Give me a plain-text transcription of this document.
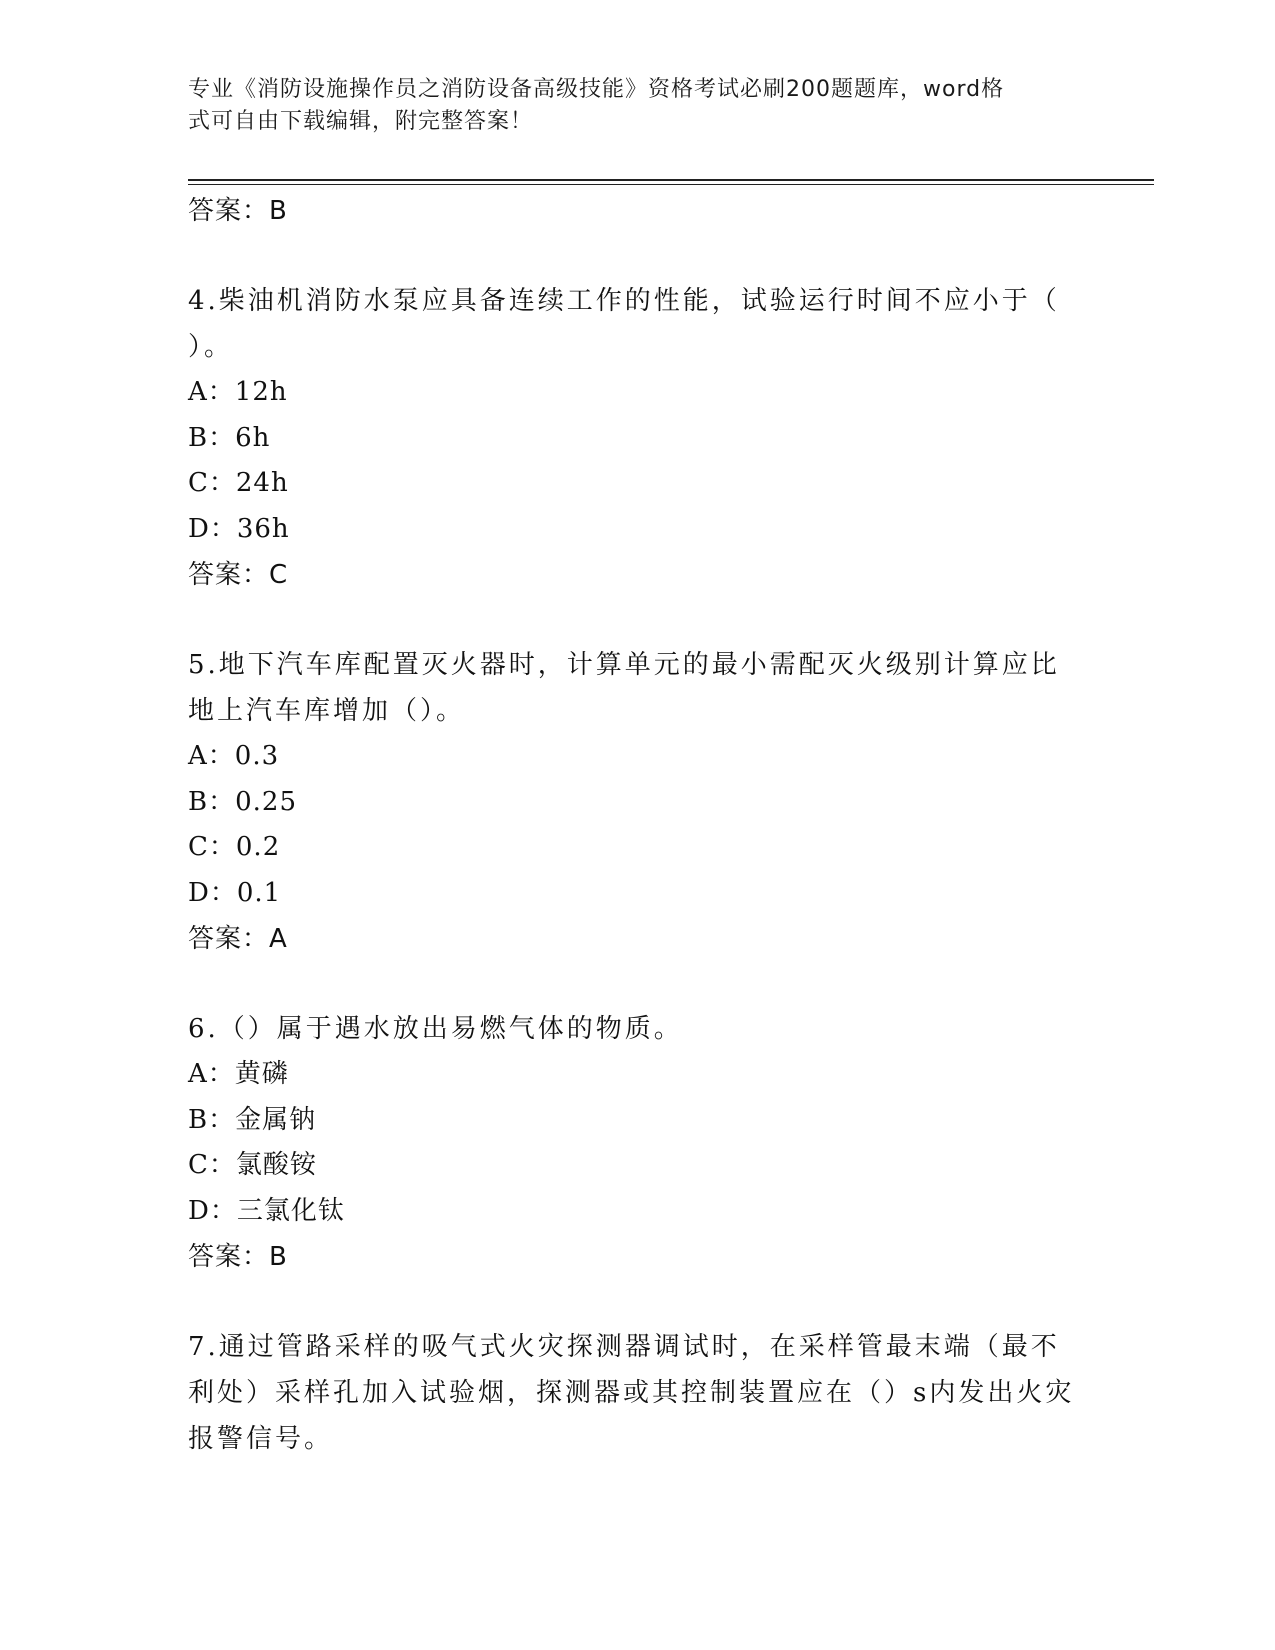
专业《消防设施操作员之消防设备高级技能》资格考试必刷200题题库，word格
式可自由下载编辑，附完整答案！
答案：B
4.柴油机消防水泵应具备连续工作的性能，试验运行时间不应小于（
）。
A：12h
B：6h
C：24h
D：36h
答案：C
5.地下汽车库配置灭火器时，计算单元的最小需配灭火级别计算应比
地上汽车库增加（）。
A：0.3
B：0.25
C：0.2
D：0.1
答案：A
6.（）属于遇水放出易燃气体的物质。
A：黄磷
B：金属钠
C：氯酸铵
D：三氯化钛
答案：B
7.通过管路采样的吸气式火灾探测器调试时，在采样管最末端（最不
利处）采样孔加入试验烟，探测器或其控制装置应在（）s内发出火灾
报警信号。
